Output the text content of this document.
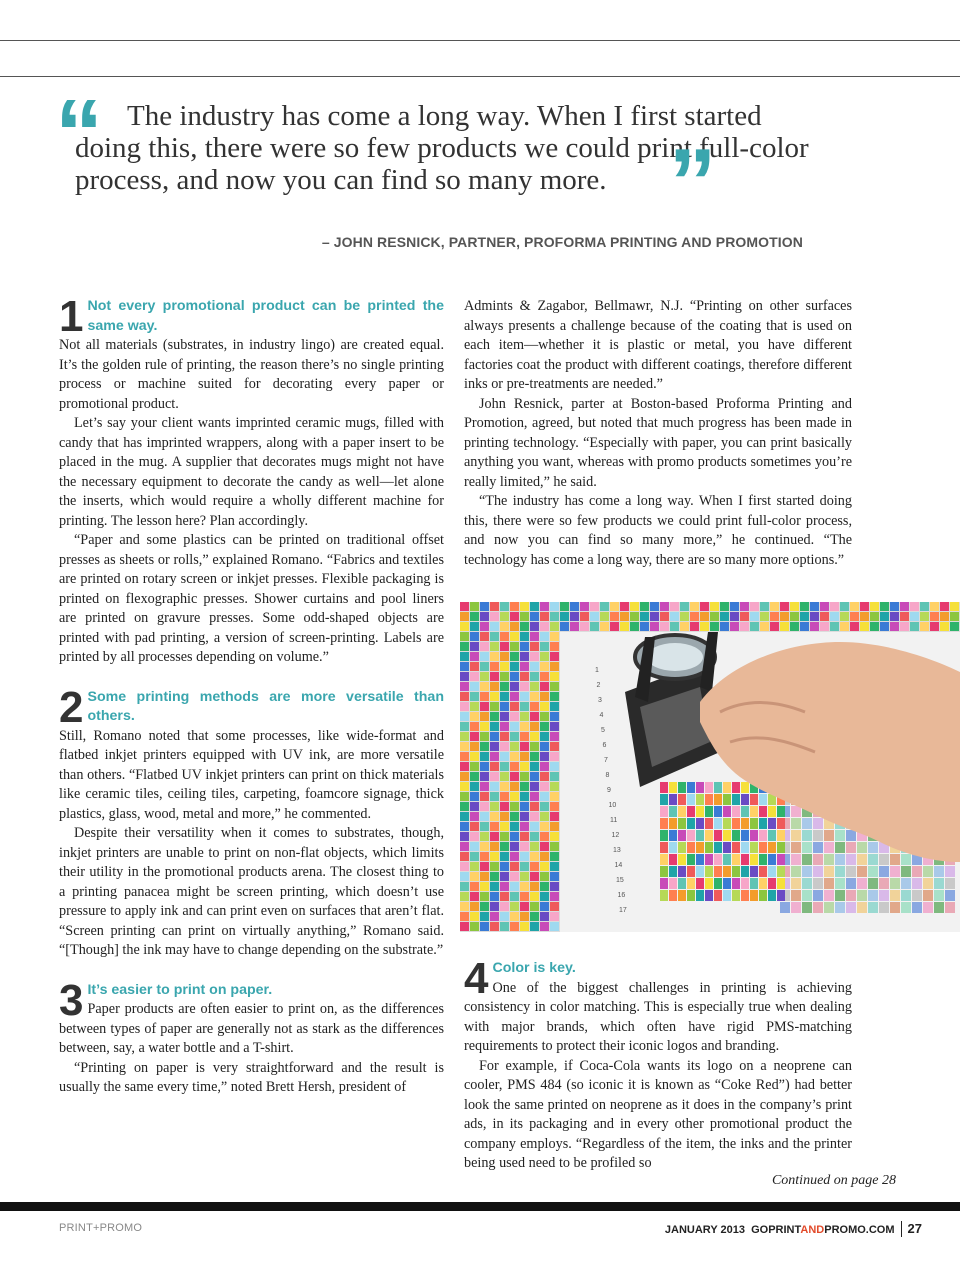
“ The industry has come a long way. When I first started doing this, there were so few products we could print full-color process, and now you can find so many more. ”

– JOHN RESNICK, PARTNER, PROFORMA PRINTING AND PROMOTION
1 Not every promotional product can be printed the same way.

Not all materials (substrates, in industry lingo) are created equal. It’s the golden rule of printing, the reason there’s no single printing process or machine suited for decorating every paper or promotional product.

Let’s say your client wants imprinted ceramic mugs, filled with candy that has imprinted wrappers, along with a paper insert to be placed in the mug. A supplier that decorates mugs might not have the necessary equipment to decorate the candy as well—let alone the inserts, which would require a wholly different machine for printing. The lesson here? Plan accordingly.

“Paper and some plastics can be printed on traditional offset presses as sheets or rolls,” explained Romano. “Fabrics and textiles are printed on rotary screen or inkjet presses. Flexible packaging is printed on flexographic presses. Shower curtains and pool liners are printed on gravure presses. Some odd-shaped objects are printed with pad printing, a version of screen-printing. Labels are printed by all processes depending on volume.”

2 Some printing methods are more versatile than others.

Still, Romano noted that some processes, like wide-format and flatbed inkjet printers equipped with UV ink, are more versatile than others. “Flatbed UV inkjet printers can print on thick materials like ceramic tiles, ceiling tiles, carpeting, foamcore signage, thick plastics, glass, wood, metal and more,” he commented.

Despite their versatility when it comes to substrates, though, inkjet printers are unable to print on non-flat objects, which limits their utility in the promotional products arena. The closest thing to a printing panacea might be screen printing, which doesn’t use pressure to apply ink and can print even on surfaces that aren’t flat. “Screen printing can print on virtually anything,” Romano said. “[Though] the ink may have to change depending on the substrate.”

3 It’s easier to print on paper.

Paper products are often easier to print on, as the differences between types of paper are generally not as stark as the differences between, say, a water bottle and a T-shirt.

“Printing on paper is very straightforward and the result is usually the same every time,” noted Brett Hersh, president of

Admints & Zagabor, Bellmawr, N.J. “Printing on other surfaces always presents a challenge because of the coating that is used on each item—whether it is plastic or metal, you have different factories coat the product with different coatings, therefore different inks or pre-treatments are needed.”

John Resnick, parter at Boston-based Proforma Printing and Promotion, agreed, but noted that much progress has been made in printing technology. “Especially with paper, you can print basically anything you want, whereas with promo products sometimes you’re really limited,” he said.

“The industry has come a long way. When I first started doing this, there were so few products we could print full-color process, and now you can find so many more,” he continued. “The technology has come a long way, there are so many more options.”

1
2
3
4
5
6
7
8
9
10
11
12
13
14
15
16
17
4 Color is key.

One of the biggest challenges in printing is achieving consistency in color matching. This is especially true when dealing with major brands, which often have rigid PMS-matching requirements to protect their iconic logos and branding.

For example, if Coca-Cola wants its logo on a neoprene can cooler, PMS 484 (so iconic it is known as “Coke Red”) had better look the same printed on neoprene as it does in the company’s print ads, in its packaging and in every other promotional product the company employs. “Regardless of the item, the inks and the printer being used need to be profiled so

Continued on page 28
PRINT+PROMO	JANUARY 2013 GOPRINTANDPROMO.COM 27
